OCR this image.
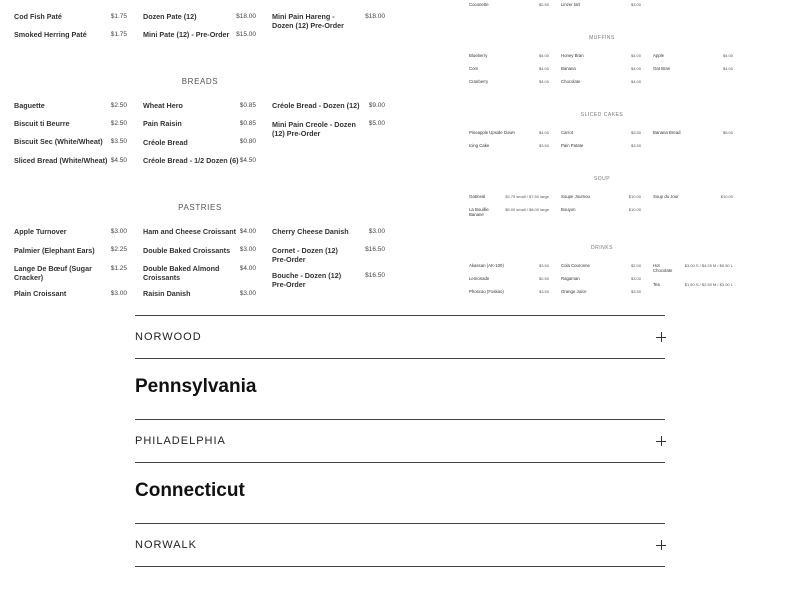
Cod Fish Paté	$1.75
Smoked Herring Paté	$1.75
Dozen Pate (12)	$18.00
Mini Pate (12) - Pre-Order	$15.00
Mini Pain Hareng - Dozen (12) Pre-Order
$18.00
BREADS
Baguette	$2.50
Biscuit ti Beurre	$2.50
Biscuit Sec (White/Wheat)	$3.50
Sliced Bread (White/Wheat) $4.50
Wheat Hero	$0.85
Pain Raisin	$0.85
Créole Bread	$0.80
Créole Bread - 1/2 Dozen (6) $4.50
Créole Bread - Dozen (12)	$9.00
Mini Pain Creole - Dozen (12) Pre-Order
$5.00
PASTRIES
Apple Turnover	$3.00
Palmier (Elephant Ears)	$2.25
Lange De Bœuf (Sugar Cracker)
$1.25
Plain Croissant	$3.00
Ham and Cheese Croissant $4.00
Double Baked Croissants	$3.00
Double Baked Almond Croissants
$4.00
Raisin Danish	$3.00
Cherry Cheese Danish	$3.00
Cornet - Dozen (12) Pre-Order
$16.50
Bouche - Dozen (12) Pre-Order
$16.50
Coconette	$2.50	Linzer tart	$3.00
MUFFINS
Blueberry	$4.00
Corn	$4.00
Cranberry	$4.00
Honey Bran	$4.00
Banana	$4.00
Chocolate	$4.00
Apple	$4.00
Oat Bran	$4.00
SLICED CAKES
Pineapple Upside Down	$4.00
Icing Cake	$3.50
Carrot	$3.50
Pain Patate	$3.50
Banana Bread	$5.00
SOUP
Oatmeal	$3.75 small / $7.50 large
La Bouillie Banane
$5.00 small / $8.00 large
Soupe Joumou	$10.00
Bouyon	$10.00
Soup du Jour	$10.00
DRINKS
Akassan (AK-100)	$3.50
Lemonade	$2.50
Phoscao (Foskao)	$3.50
Cola Couronne	$2.00
Ragaman	$3.00
Orange Juice	$3.50
Hot Chocolate
$3.00 S / $4.25 M / $5.50 L
Tea	$1.50 S / $2.50 M / $3.00 L
NORWOOD
Pennsylvania
PHILADELPHIA
Connecticut
NORWALK
